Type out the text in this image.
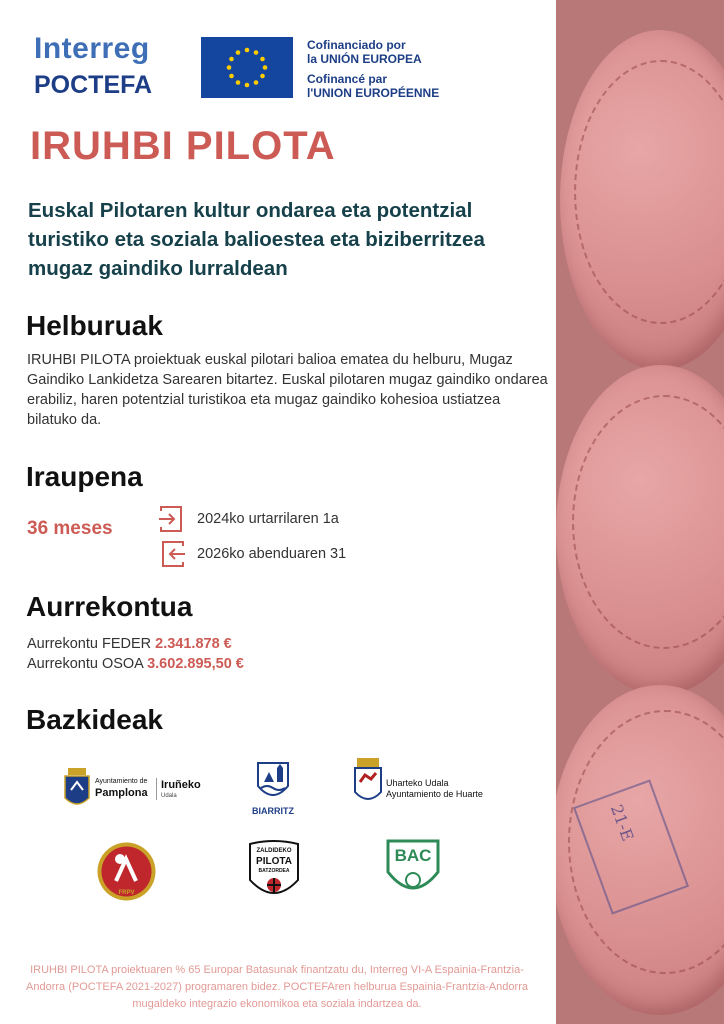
Interreg
POCTEFA
Cofinanciado por
la UNIÓN EUROPEA
Cofinancé par
l'UNION EUROPÉENNE
IRUHBI PILOTA
Euskal Pilotaren kultur ondarea eta potentzial turistiko eta soziala balioestea eta biziberritzea mugaz gaindiko lurraldean
Helburuak
IRUHBI PILOTA proiektuak euskal pilotari balioa ematea du helburu, Mugaz Gaindiko Lankidetza Sarearen bitartez. Euskal pilotaren mugaz gaindiko ondarea erabiliz, haren potentzial turistikoa eta mugaz gaindiko kohesioa ustiatzea bilatuko da.
Iraupena
36 meses	2024ko urtarrilaren 1a
2026ko abenduaren 31
Aurrekontua
Aurrekontu FEDER 2.341.878 €
Aurrekontu OSOA 3.602.895,50 €
Bazkideak
Ayuntamiento de
Pamplona
Iruñeko
Udala
BIARRITZ
Uharteko Udala
Ayuntamiento de Huarte
FRPV
ZALDIDEKO
PILOTA
BATZORDEA
BAC
IRUHBI PILOTA proiektuaren % 65 Europar Batasunak finantzatu du, Interreg VI-A Espainia-Frantzia-Andorra (POCTEFA 2021-2027) programaren bidez. POCTEFAren helburua Espainia-Frantzia-Andorra mugaldeko integrazio ekonomikoa eta soziala indartzea da.
21-E
